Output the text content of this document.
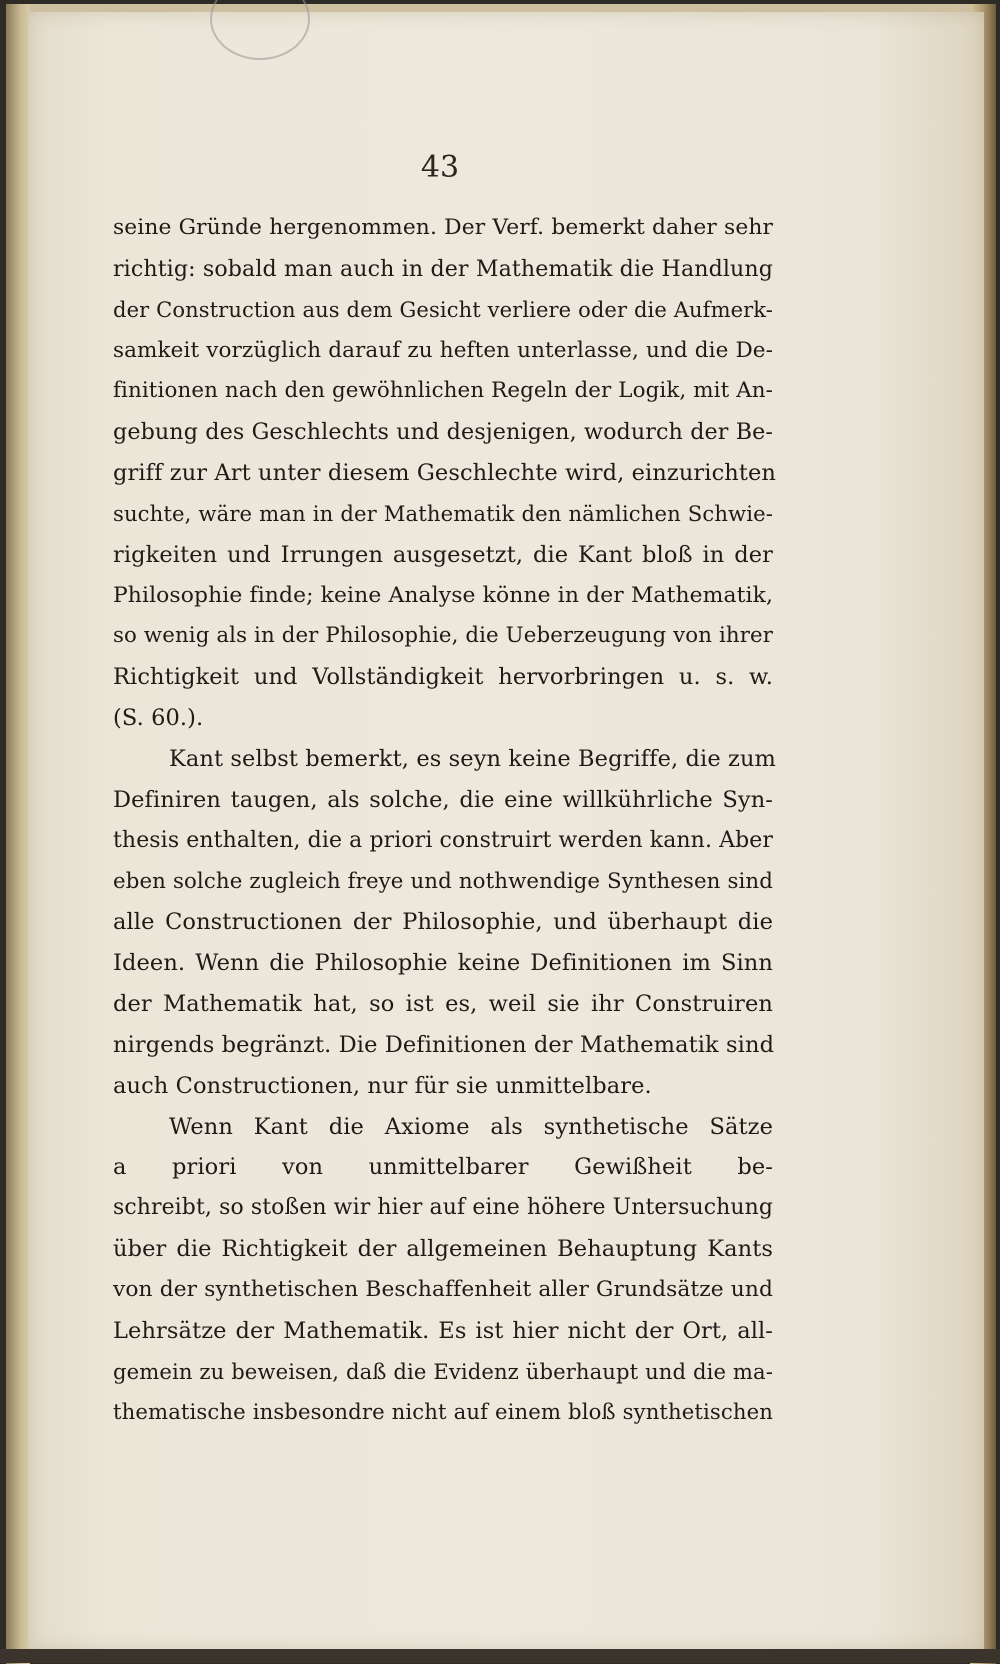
43
seine Gründe hergenommen. Der Verf. bemerkt daher sehr
richtig: sobald man auch in der Mathematik die Handlung
der Construction aus dem Gesicht verliere oder die Aufmerk-
samkeit vorzüglich darauf zu heften unterlasse, und die De-
finitionen nach den gewöhnlichen Regeln der Logik, mit An-
gebung des Geschlechts und desjenigen, wodurch der Be-
griff zur Art unter diesem Geschlechte wird, einzurichten
suchte, wäre man in der Mathematik den nämlichen Schwie-
rigkeiten und Irrungen ausgesetzt, die Kant bloß in der
Philosophie finde; keine Analyse könne in der Mathematik,
so wenig als in der Philosophie, die Ueberzeugung von ihrer
Richtigkeit und Vollständigkeit hervorbringen u. s. w.
(S. 60.).
Kant selbst bemerkt, es seyn keine Begriffe, die zum
Definiren taugen, als solche, die eine willkührliche Syn-
thesis enthalten, die a priori construirt werden kann. Aber
eben solche zugleich freye und nothwendige Synthesen sind
alle Constructionen der Philosophie, und überhaupt die
Ideen. Wenn die Philosophie keine Definitionen im Sinn
der Mathematik hat, so ist es, weil sie ihr Construiren
nirgends begränzt. Die Definitionen der Mathematik sind
auch Constructionen, nur für sie unmittelbare.
Wenn Kant die Axiome als synthetische Sätze
a priori von unmittelbarer Gewißheit be-
schreibt, so stoßen wir hier auf eine höhere Untersuchung
über die Richtigkeit der allgemeinen Behauptung Kants
von der synthetischen Beschaffenheit aller Grundsätze und
Lehrsätze der Mathematik. Es ist hier nicht der Ort, all-
gemein zu beweisen, daß die Evidenz überhaupt und die ma-
thematische insbesondre nicht auf einem bloß synthetischen
